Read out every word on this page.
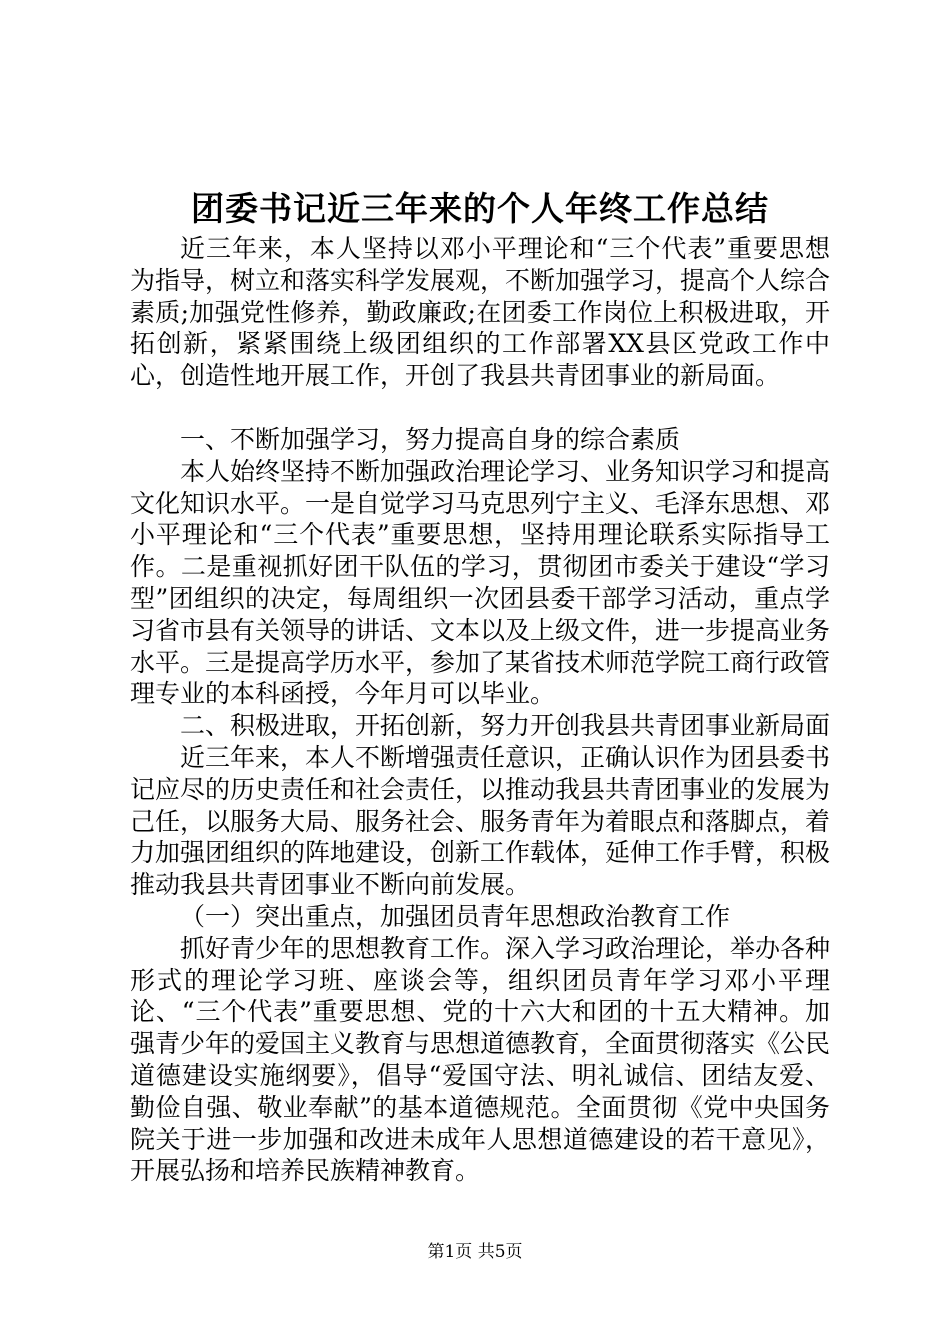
团委书记近三年来的个人年终工作总结

近三年来，本人坚持以邓小平理论和“三个代表”重要思想为指导，树立和落实科学发展观，不断加强学习，提高个人综合素质;加强党性修养，勤政廉政;在团委工作岗位上积极进取，开拓创新，紧紧围绕上级团组织的工作部署XX县区党政工作中心，创造性地开展工作，开创了我县共青团事业的新局面。

一、不断加强学习，努力提高自身的综合素质

本人始终坚持不断加强政治理论学习、业务知识学习和提高文化知识水平。一是自觉学习马克思列宁主义、毛泽东思想、邓小平理论和“三个代表”重要思想，坚持用理论联系实际指导工作。二是重视抓好团干队伍的学习，贯彻团市委关于建设“学习型”团组织的决定，每周组织一次团县委干部学习活动，重点学习省市县有关领导的讲话、文本以及上级文件，进一步提高业务水平。三是提高学历水平，参加了某省技术师范学院工商行政管理专业的本科函授，今年月可以毕业。

二、积极进取，开拓创新，努力开创我县共青团事业新局面

近三年来，本人不断增强责任意识，正确认识作为团县委书记应尽的历史责任和社会责任，以推动我县共青团事业的发展为己任，以服务大局、服务社会、服务青年为着眼点和落脚点，着力加强团组织的阵地建设，创新工作载体，延伸工作手臂，积极推动我县共青团事业不断向前发展。

（一）突出重点，加强团员青年思想政治教育工作

抓好青少年的思想教育工作。深入学习政治理论，举办各种形式的理论学习班、座谈会等，组织团员青年学习邓小平理论、“三个代表”重要思想、党的十六大和团的十五大精神。加强青少年的爱国主义教育与思想道德教育，全面贯彻落实《公民道德建设实施纲要》，倡导“爱国守法、明礼诚信、团结友爱、勤俭自强、敬业奉献”的基本道德规范。全面贯彻《党中央国务院关于进一步加强和改进未成年人思想道德建设的若干意见》，开展弘扬和培养民族精神教育。

第1页 共5页
